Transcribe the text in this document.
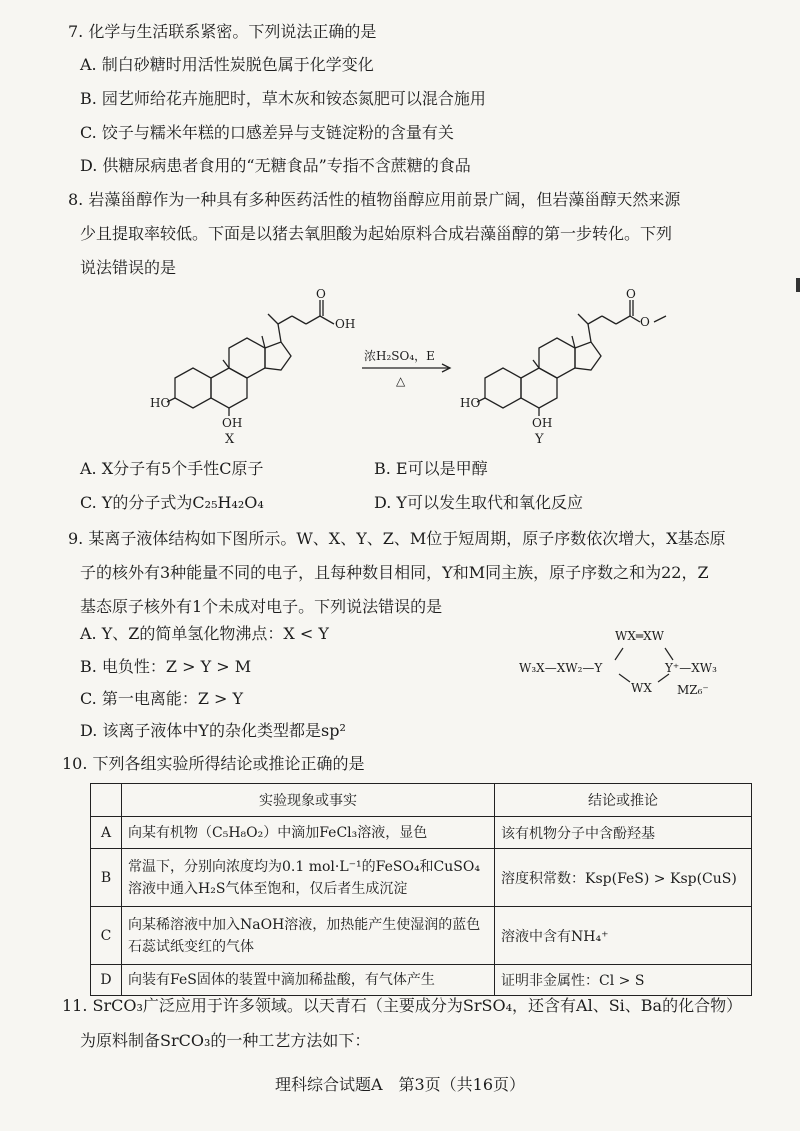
7. 化学与生活联系紧密。下列说法正确的是
A. 制白砂糖时用活性炭脱色属于化学变化
B. 园艺师给花卉施肥时，草木灰和铵态氮肥可以混合施用
C. 饺子与糯米年糕的口感差异与支链淀粉的含量有关
D. 供糖尿病患者食用的“无糖食品”专指不含蔗糖的食品
8. 岩藻甾醇作为一种具有多种医药活性的植物甾醇应用前景广阔，但岩藻甾醇天然来源
少且提取率较低。下面是以猪去氧胆酸为起始原料合成岩藻甾醇的第一步转化。下列
说法错误的是
O
OH
HO
OH
X
浓H₂SO₄，E
△
O
O
HO
OH
Y
A. X分子有5个手性C原子	B. E可以是甲醇
C. Y的分子式为C₂₅H₄₂O₄	D. Y可以发生取代和氧化反应
9. 某离子液体结构如下图所示。W、X、Y、Z、M位于短周期，原子序数依次增大，X基态原
子的核外有3种能量不同的电子，且每种数目相同，Y和M同主族，原子序数之和为22，Z
基态原子核外有1个未成对电子。下列说法错误的是
A. Y、Z的简单氢化物沸点：X < Y
B. 电负性：Z > Y > M
C. 第一电离能：Z > Y
D. 该离子液体中Y的杂化类型都是sp²
WX═XW
W₃X—XW₂—Y	Y⁺—XW₃
WX MZ₆⁻
10. 下列各组实验所得结论或推论正确的是
	实验现象或事实	结论或推论
A	向某有机物（C₅H₈O₂）中滴加FeCl₃溶液，显色	该有机物分子中含酚羟基
B	常温下，分别向浓度均为0.1 mol·L⁻¹的FeSO₄和CuSO₄溶液中通入H₂S气体至饱和，仅后者生成沉淀	溶度积常数：Ksp(FeS) > Ksp(CuS)
C	向某稀溶液中加入NaOH溶液，加热能产生使湿润的蓝色石蕊试纸变红的气体	溶液中含有NH₄⁺
D	向装有FeS固体的装置中滴加稀盐酸，有气体产生	证明非金属性：Cl > S
11. SrCO₃广泛应用于许多领域。以天青石（主要成分为SrSO₄，还含有Al、Si、Ba的化合物）
为原料制备SrCO₃的一种工艺方法如下：
理科综合试题A　第3页（共16页）
